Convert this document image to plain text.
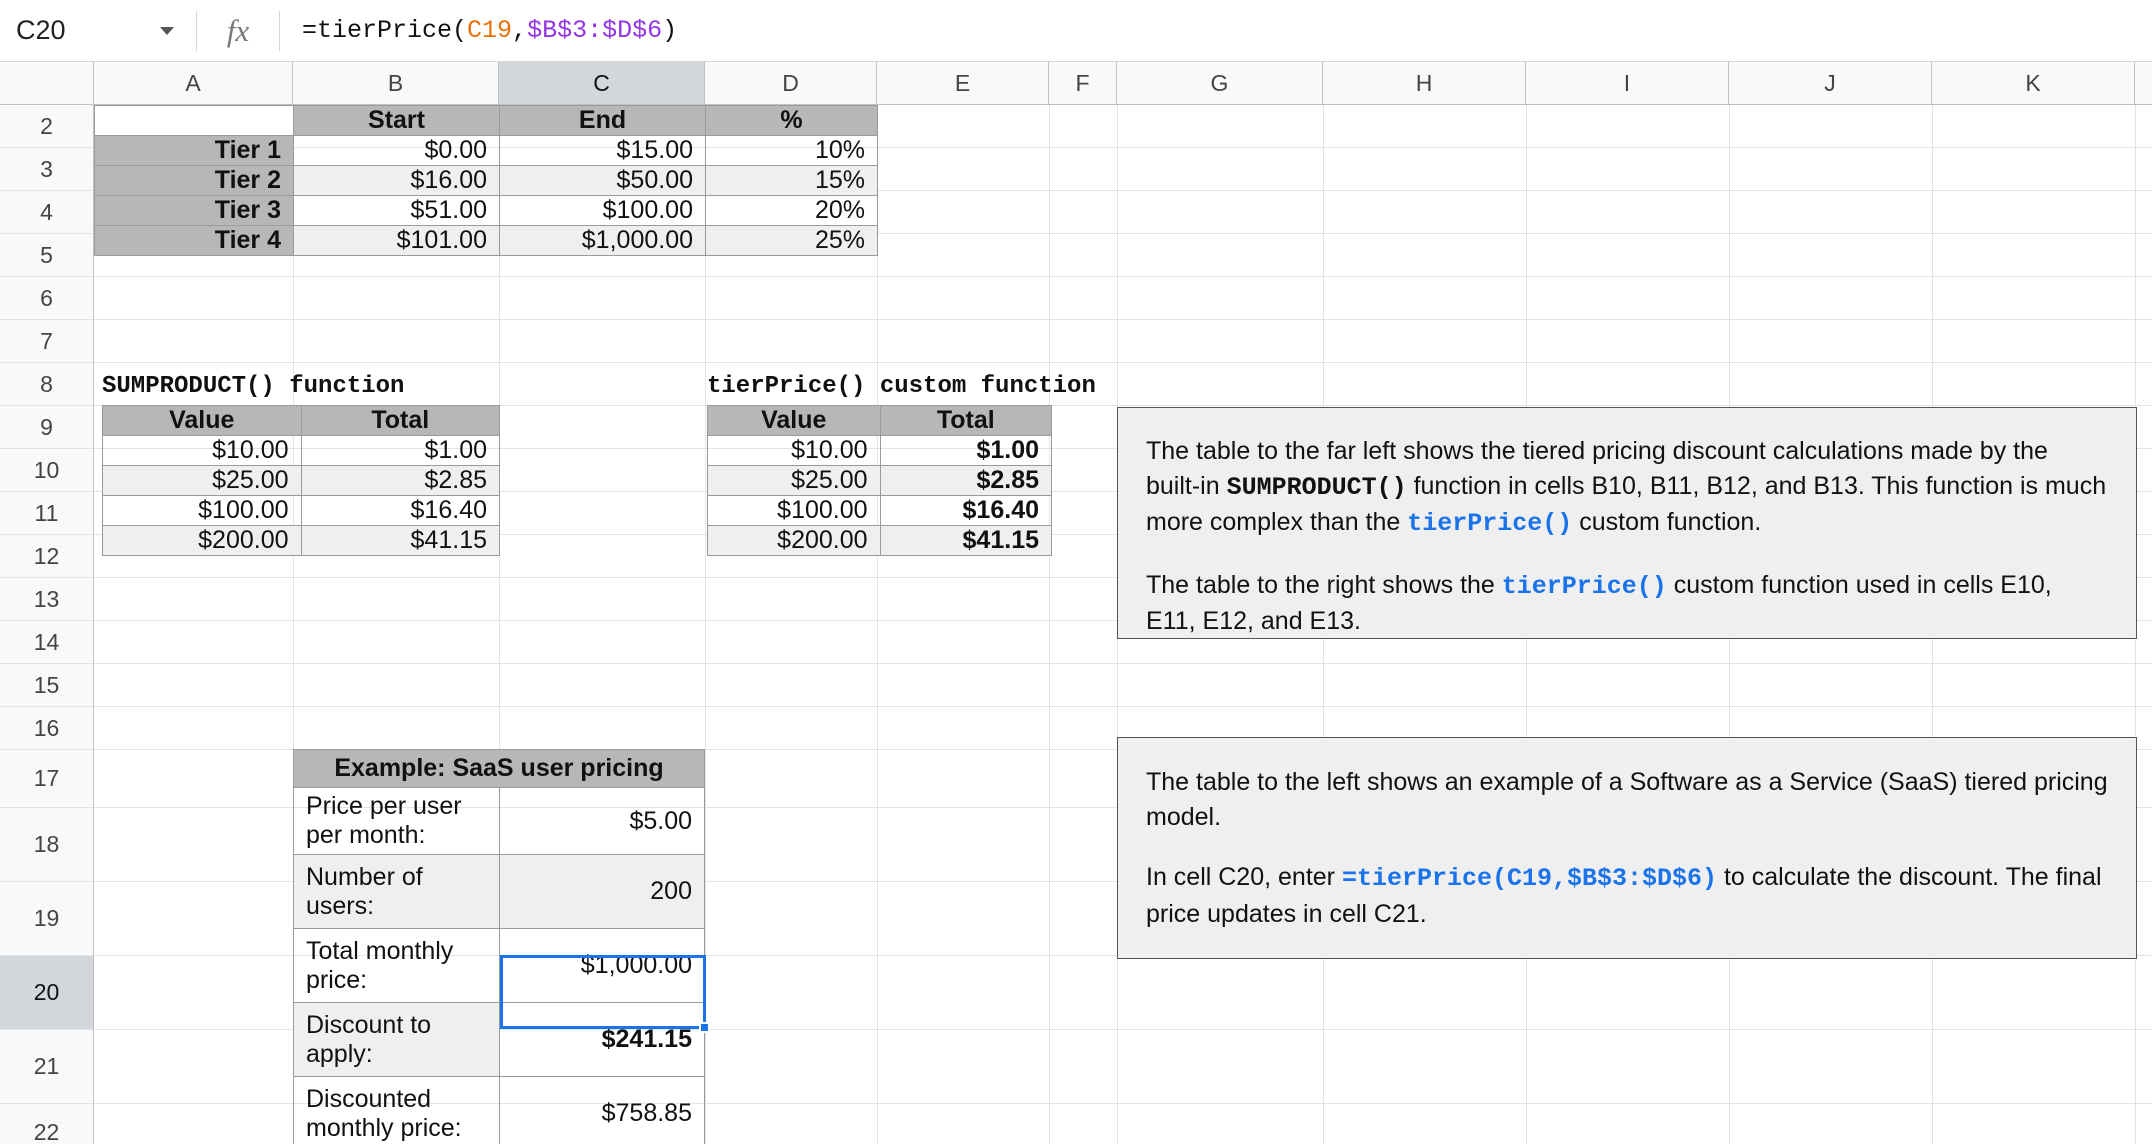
C20	fx	=tierPrice(C19,$B$3:$D$6)
A	B	C	D	E	F	G	H	I	J	K
2
3
4
5
6
7
8
9
10
11
12
13
14
15
16
17
18
19
20
21
22
	Start	End	%
Tier 1	$0.00	$15.00	10%
Tier 2	$16.00	$50.00	15%
Tier 3	$51.00	$100.00	20%
Tier 4	$101.00	$1,000.00	25%
SUMPRODUCT() function
Value	Total
$10.00	$1.00
$25.00	$2.85
$100.00	$16.40
$200.00	$41.15
tierPrice() custom function
Value	Total
$10.00	$1.00
$25.00	$2.85
$100.00	$16.40
$200.00	$41.15
Example: SaaS user pricing	
Price per user per month:	$5.00
Number of users:	200
Total monthly price:	$1,000.00
Discount to apply:	$241.15
Discounted monthly price:	$758.85

The table to the far left shows the tiered pricing discount calculations made by the built-in SUMPRODUCT() function in cells B10, B11, B12, and B13. This function is much more complex than the tierPrice() custom function.

The table to the right shows the tierPrice() custom function used in cells E10, E11, E12, and E13.

The table to the left shows an example of a Software as a Service (SaaS) tiered pricing model.

In cell C20, enter =tierPrice(C19,$B$3:$D$6) to calculate the discount. The final price updates in cell C21.
